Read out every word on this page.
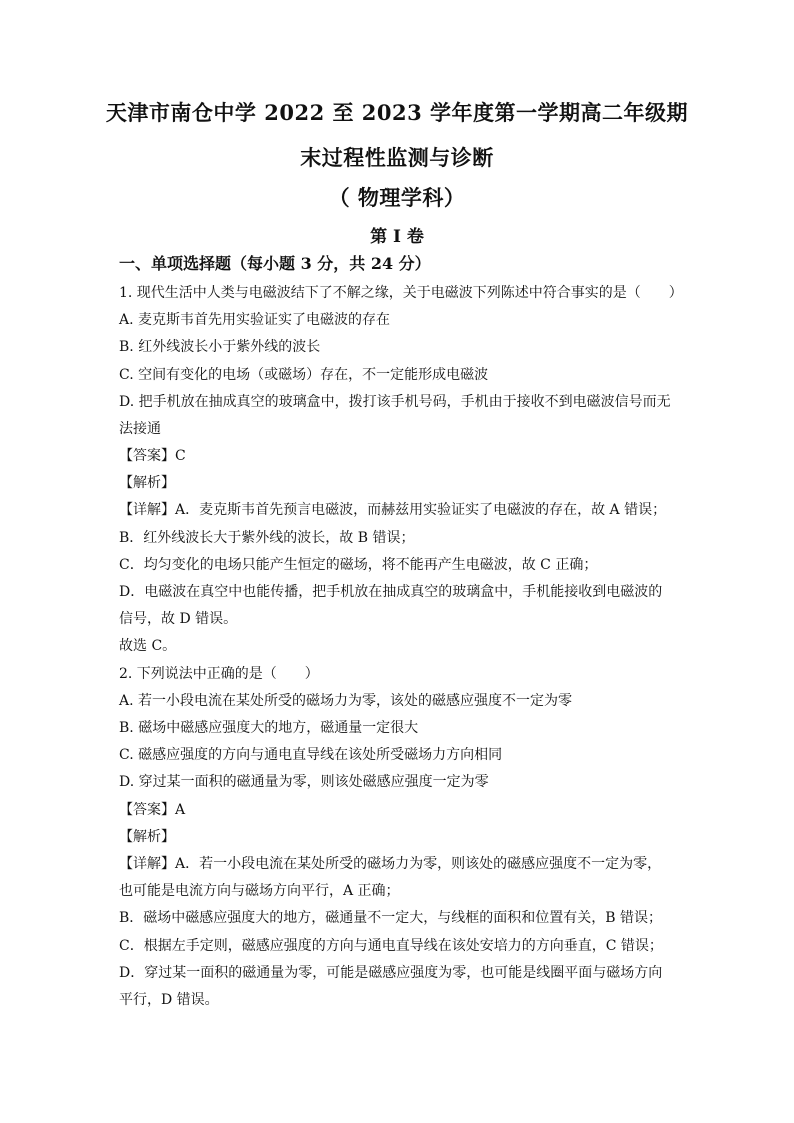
天津市南仓中学 2022 至 2023 学年度第一学期高二年级期
末过程性监测与诊断
（ 物理学科）
第 I 卷
一、单项选择题（每小题 3 分，共 24 分）
1. 现代生活中人类与电磁波结下了不解之缘，关于电磁波下列陈述中符合事实的是（　　）
A. 麦克斯韦首先用实验证实了电磁波的存在
B. 红外线波长小于紫外线的波长
C. 空间有变化的电场（或磁场）存在，不一定能形成电磁波
D. 把手机放在抽成真空的玻璃盒中，拨打该手机号码，手机由于接收不到电磁波信号而无
法接通
【答案】C
【解析】
【详解】A．麦克斯韦首先预言电磁波，而赫兹用实验证实了电磁波的存在，故 A 错误；
B．红外线波长大于紫外线的波长，故 B 错误；
C．均匀变化的电场只能产生恒定的磁场，将不能再产生电磁波，故 C 正确；
D．电磁波在真空中也能传播，把手机放在抽成真空的玻璃盒中，手机能接收到电磁波的
信号，故 D 错误。
故选 C。
2. 下列说法中正确的是（　　）
A. 若一小段电流在某处所受的磁场力为零，该处的磁感应强度不一定为零
B. 磁场中磁感应强度大的地方，磁通量一定很大
C. 磁感应强度的方向与通电直导线在该处所受磁场力方向相同
D. 穿过某一面积的磁通量为零，则该处磁感应强度一定为零
【答案】A
【解析】
【详解】A．若一小段电流在某处所受的磁场力为零，则该处的磁感应强度不一定为零，
也可能是电流方向与磁场方向平行，A 正确；
B．磁场中磁感应强度大的地方，磁通量不一定大，与线框的面积和位置有关，B 错误；
C．根据左手定则，磁感应强度的方向与通电直导线在该处安培力的方向垂直，C 错误；
D．穿过某一面积的磁通量为零，可能是磁感应强度为零，也可能是线圈平面与磁场方向
平行，D 错误。
